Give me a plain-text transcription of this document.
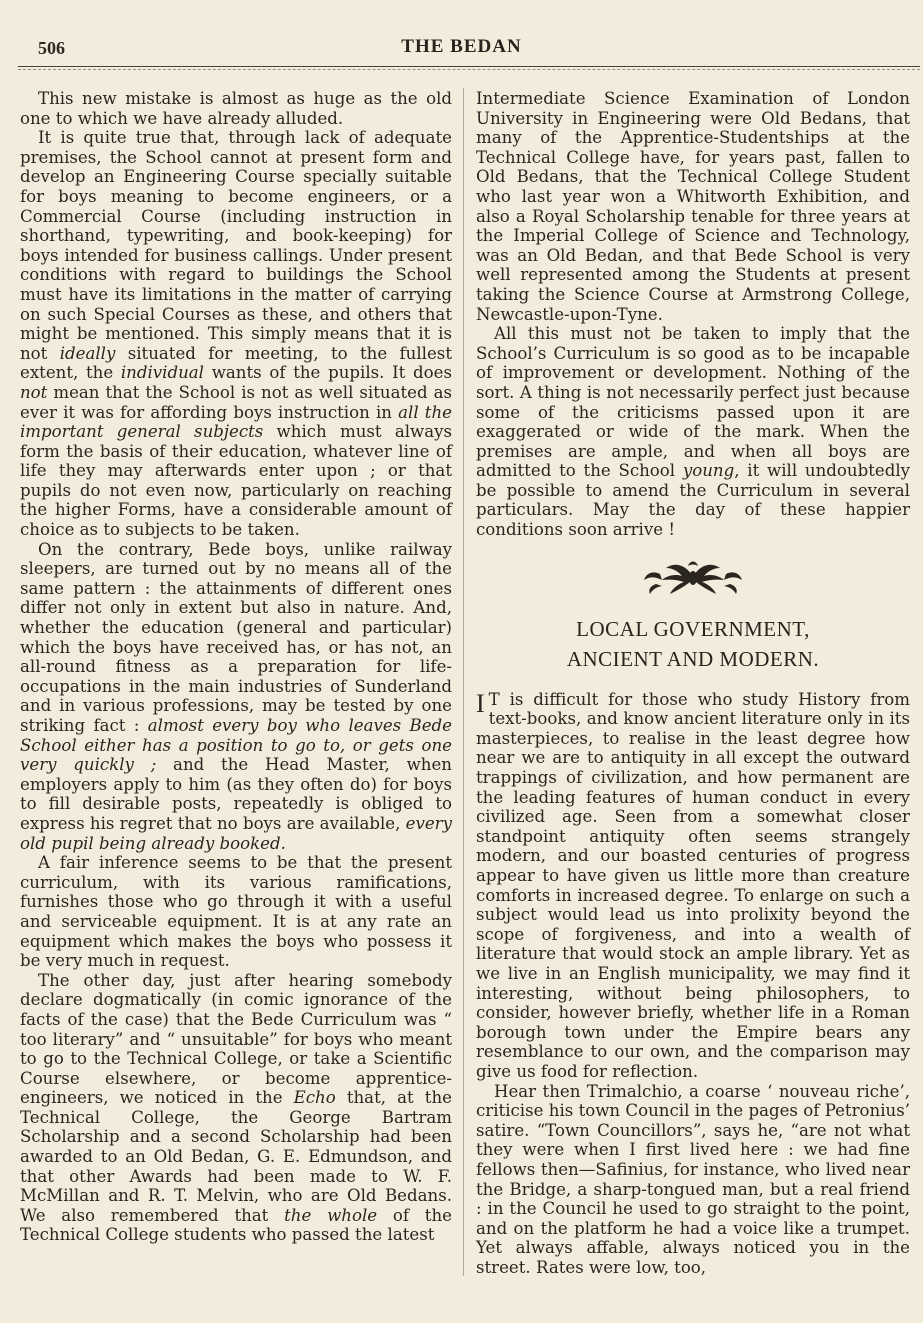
506	THE BEDAN

This new mistake is almost as huge as the old one to which we have already alluded.

It is quite true that, through lack of adequate premises, the School cannot at present form and develop an Engineering Course specially suitable for boys meaning to become engineers, or a Commercial Course (including instruction in shorthand, typewriting, and book-keeping) for boys intended for business callings. Under present conditions with regard to buildings the School must have its limitations in the matter of carrying on such Special Courses as these, and others that might be mentioned. This simply means that it is not ideally situated for meeting, to the fullest extent, the individual wants of the pupils. It does not mean that the School is not as well situated as ever it was for affording boys instruction in all the important general subjects which must always form the basis of their education, whatever line of life they may afterwards enter upon ; or that pupils do not even now, particularly on reaching the higher Forms, have a considerable amount of choice as to subjects to be taken.

On the contrary, Bede boys, unlike railway sleepers, are turned out by no means all of the same pattern : the attainments of different ones differ not only in extent but also in nature. And, whether the education (general and particular) which the boys have received has, or has not, an all-round fitness as a preparation for life-occupations in the main industries of Sunderland and in various professions, may be tested by one striking fact : almost every boy who leaves Bede School either has a position to go to, or gets one very quickly ; and the Head Master, when employers apply to him (as they often do) for boys to fill desirable posts, repeatedly is obliged to express his regret that no boys are available, every old pupil being already booked.

A fair inference seems to be that the present curriculum, with its various ramifications, furnishes those who go through it with a useful and serviceable equipment. It is at any rate an equipment which makes the boys who possess it be very much in request.

The other day, just after hearing somebody declare dogmatically (in comic ignorance of the facts of the case) that the Bede Curriculum was “ too literary” and “ unsuitable” for boys who meant to go to the Technical College, or take a Scientific Course elsewhere, or become apprentice-engineers, we noticed in the Echo that, at the Technical College, the George Bartram Scholarship and a second Scholarship had been awarded to an Old Bedan, G. E. Edmundson, and that other Awards had been made to W. F. McMillan and R. T. Melvin, who are Old Bedans. We also remembered that the whole of the Technical College students who passed the latest

Intermediate Science Examination of London University in Engineering were Old Bedans, that many of the Apprentice-Studentships at the Technical College have, for years past, fallen to Old Bedans, that the Technical College Student who last year won a Whitworth Exhibition, and also a Royal Scholarship tenable for three years at the Imperial College of Science and Technology, was an Old Bedan, and that Bede School is very well represented among the Students at present taking the Science Course at Armstrong College, Newcastle-upon-Tyne.

All this must not be taken to imply that the School’s Curriculum is so good as to be incapable of improvement or development. Nothing of the sort. A thing is not necessarily perfect just because some of the criticisms passed upon it are exaggerated or wide of the mark. When the premises are ample, and when all boys are admitted to the School young, it will undoubtedly be possible to amend the Curriculum in several particulars. May the day of these happier conditions soon arrive !

LOCAL GOVERNMENT,
ANCIENT AND MODERN.

I T is difficult for those who study History from text-books, and know ancient literature only in its masterpieces, to realise in the least degree how near we are to antiquity in all except the outward trappings of civilization, and how permanent are the leading features of human conduct in every civilized age. Seen from a somewhat closer standpoint antiquity often seems strangely modern, and our boasted centuries of progress appear to have given us little more than creature comforts in increased degree. To enlarge on such a subject would lead us into prolixity beyond the scope of forgiveness, and into a wealth of literature that would stock an ample library. Yet as we live in an English municipality, we may find it interesting, without being philosophers, to consider, however briefly, whether life in a Roman borough town under the Empire bears any resemblance to our own, and the comparison may give us food for reflection.

Hear then Trimalchio, a coarse ‘ nouveau riche’, criticise his town Council in the pages of Petronius’ satire. “Town Councillors”, says he, “are not what they were when I first lived here : we had fine fellows then—Safinius, for instance, who lived near the Bridge, a sharp-tongued man, but a real friend : in the Council he used to go straight to the point, and on the platform he had a voice like a trumpet. Yet always affable, always noticed you in the street. Rates were low, too,
